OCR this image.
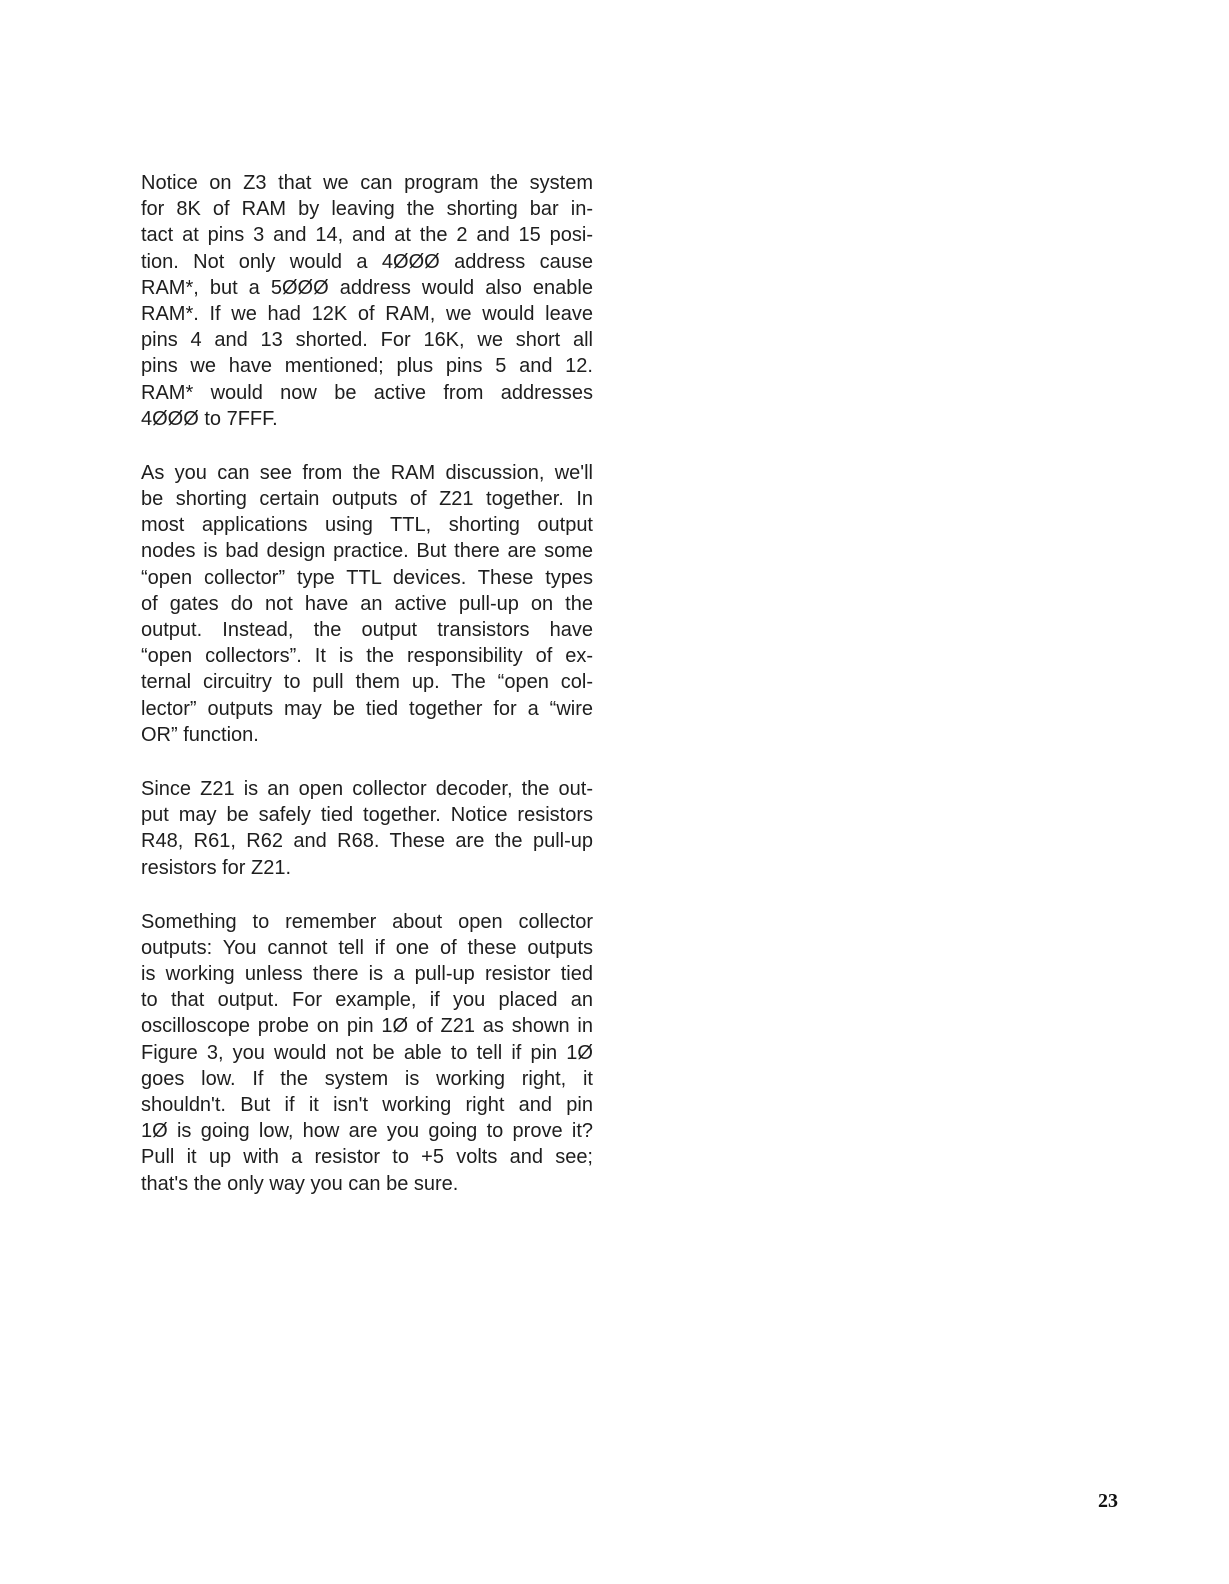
Notice on Z3 that we can program the system
for 8K of RAM by leaving the shorting bar in-
tact at pins 3 and 14, and at the 2 and 15 posi-
tion. Not only would a 4ØØØ address cause
RAM*, but a 5ØØØ address would also enable
RAM*. If we had 12K of RAM, we would leave
pins 4 and 13 shorted. For 16K, we short all
pins we have mentioned; plus pins 5 and 12.
RAM* would now be active from addresses
4ØØØ to 7FFF.
As you can see from the RAM discussion, we'll
be shorting certain outputs of Z21 together. In
most applications using TTL, shorting output
nodes is bad design practice. But there are some
“open collector” type TTL devices. These types
of gates do not have an active pull-up on the
output. Instead, the output transistors have
“open collectors”. It is the responsibility of ex-
ternal circuitry to pull them up. The “open col-
lector” outputs may be tied together for a “wire
OR” function.
Since Z21 is an open collector decoder, the out-
put may be safely tied together. Notice resistors
R48, R61, R62 and R68. These are the pull-up
resistors for Z21.
Something to remember about open collector
outputs: You cannot tell if one of these outputs
is working unless there is a pull-up resistor tied
to that output. For example, if you placed an
oscilloscope probe on pin 1Ø of Z21 as shown in
Figure 3, you would not be able to tell if pin 1Ø
goes low. If the system is working right, it
shouldn't. But if it isn't working right and pin
1Ø is going low, how are you going to prove it?
Pull it up with a resistor to +5 volts and see;
that's the only way you can be sure.
23
